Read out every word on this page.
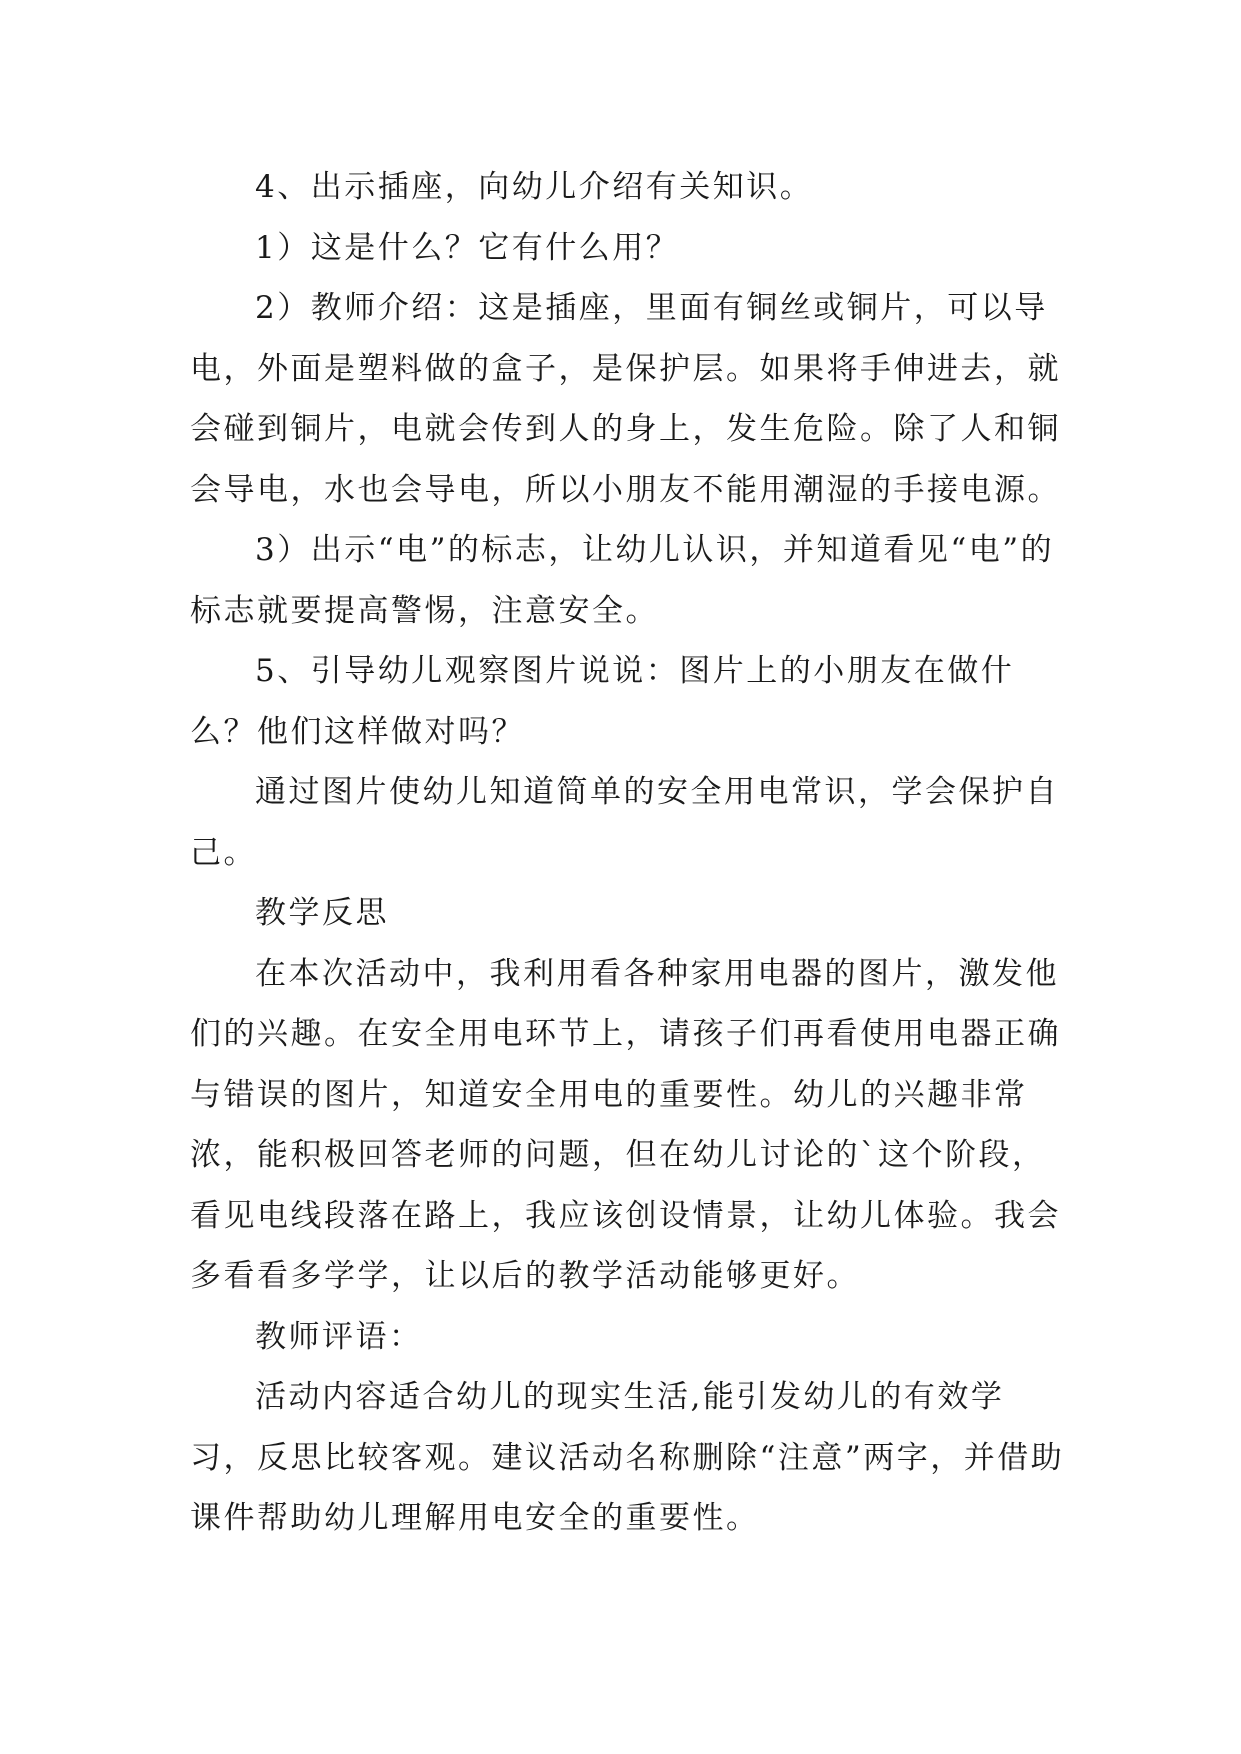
4、出示插座，向幼儿介绍有关知识。

1）这是什么？它有什么用？

2）教师介绍：这是插座，里面有铜丝或铜片，可以导电，外面是塑料做的盒子，是保护层。如果将手伸进去，就会碰到铜片，电就会传到人的身上，发生危险。除了人和铜会导电，水也会导电，所以小朋友不能用潮湿的手接电源。

3）出示“电”的标志，让幼儿认识，并知道看见“电”的标志就要提高警惕，注意安全。

5、引导幼儿观察图片说说：图片上的小朋友在做什么？他们这样做对吗？

通过图片使幼儿知道简单的安全用电常识，学会保护自己。

教学反思

在本次活动中，我利用看各种家用电器的图片，激发他们的兴趣。在安全用电环节上，请孩子们再看使用电器正确与错误的图片，知道安全用电的重要性。幼儿的兴趣非常浓，能积极回答老师的问题，但在幼儿讨论的`这个阶段，看见电线段落在路上，我应该创设情景，让幼儿体验。我会多看看多学学，让以后的教学活动能够更好。

教师评语：

活动内容适合幼儿的现实生活,能引发幼儿的有效学习，反思比较客观。建议活动名称删除“注意”两字，并借助课件帮助幼儿理解用电安全的重要性。
